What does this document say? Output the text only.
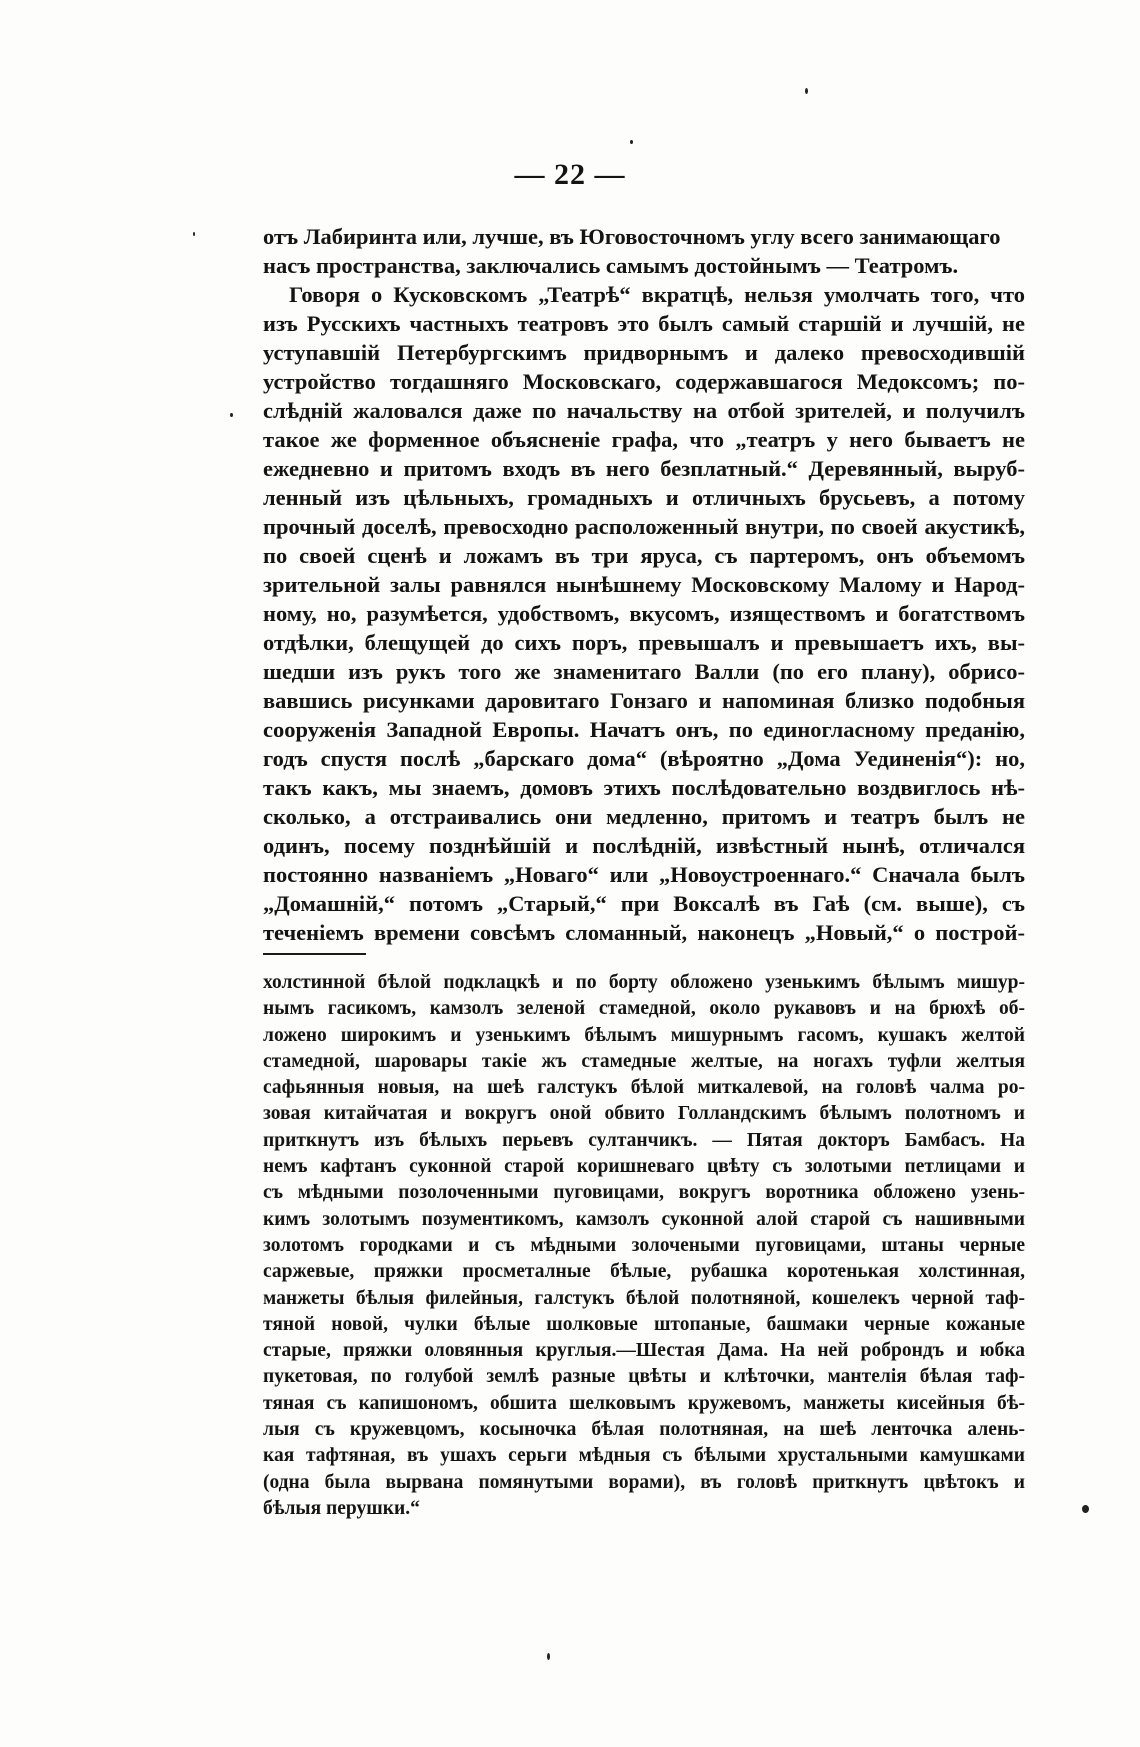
— 22 —
отъ Лабиринта или, лучше, въ Юговосточномъ углу всего занимающаго
насъ пространства, заключались самымъ достойнымъ — Театромъ.
Говоря о Кусковскомъ „Театрѣ“ вкратцѣ, нельзя умолчать того, что
изъ Русскихъ частныхъ театровъ это былъ самый старшій и лучшій, не
уступавшій Петербургскимъ придворнымъ и далеко превосходившій
устройство тогдашняго Московскаго, содержавшагося Медоксомъ; по-
слѣдній жаловался даже по начальству на отбой зрителей, и получилъ
такое же форменное объясненіе графа, что „театръ у него бываетъ не
ежедневно и притомъ входъ въ него безплатный.“ Деревянный, выруб-
ленный изъ цѣльныхъ, громадныхъ и отличныхъ брусьевъ, а потому
прочный доселѣ, превосходно расположенный внутри, по своей акустикѣ,
по своей сценѣ и ложамъ въ три яруса, съ партеромъ, онъ объемомъ
зрительной залы равнялся нынѣшнему Московскому Малому и Народ-
ному, но, разумѣется, удобствомъ, вкусомъ, изяществомъ и богатствомъ
отдѣлки, блещущей до сихъ поръ, превышалъ и превышаетъ ихъ, вы-
шедши изъ рукъ того же знаменитаго Валли (по его плану), обрисо-
вавшись рисунками даровитаго Гонзаго и напоминая близко подобныя
сооруженія Западной Европы. Начатъ онъ, по единогласному преданію,
годъ спустя послѣ „барскаго дома“ (вѣроятно „Дома Уединенія“): но,
такъ какъ, мы знаемъ, домовъ этихъ послѣдовательно воздвиглось нѣ-
сколько, а отстраивались они медленно, притомъ и театръ былъ не
одинъ, посему позднѣйшій и послѣдній, извѣстный нынѣ, отличался
постоянно названіемъ „Новаго“ или „Новоустроеннаго.“ Сначала былъ
„Домашній,“ потомъ „Старый,“ при Воксалѣ въ Гаѣ (см. выше), съ
теченіемъ времени совсѣмъ сломанный, наконецъ „Новый,“ о построй-
холстинной бѣлой подклацкѣ и по борту обложено узенькимъ бѣлымъ мишур-
нымъ гасикомъ, камзолъ зеленой стамедной, около рукавовъ и на брюхѣ об-
ложено широкимъ и узенькимъ бѣлымъ мишурнымъ гасомъ, кушакъ желтой
стамедной, шаровары такіе жъ стамедные желтые, на ногахъ туфли желтыя
сафьянныя новыя, на шеѣ галстукъ бѣлой миткалевой, на головѣ чалма ро-
зовая китайчатая и вокругъ оной обвито Голландскимъ бѣлымъ полотномъ и
приткнутъ изъ бѣлыхъ перьевъ султанчикъ. — Пятая докторъ Бамбасъ. На
немъ кафтанъ суконной старой коришневаго цвѣту съ золотыми петлицами и
съ мѣдными позолоченными пуговицами, вокругъ воротника обложено узень-
кимъ золотымъ позументикомъ, камзолъ суконной алой старой съ нашивными
золотомъ городками и съ мѣдными золочеными пуговицами, штаны черные
саржевые, пряжки просметалные бѣлые, рубашка коротенькая холстинная,
манжеты бѣлыя филейныя, галстукъ бѣлой полотняной, кошелекъ черной таф-
тяной новой, чулки бѣлые шолковые штопаные, башмаки черные кожаные
старые, пряжки оловянныя круглыя.—Шестая Дама. На ней роброндъ и юбка
пукетовая, по голубой землѣ разные цвѣты и клѣточки, мантелія бѣлая таф-
тяная съ капишономъ, обшита шелковымъ кружевомъ, манжеты кисейныя бѣ-
лыя съ кружевцомъ, косыночка бѣлая полотняная, на шеѣ ленточка алень-
кая тафтяная, въ ушахъ серьги мѣдныя съ бѣлыми хрустальными камушками
(одна была вырвана помянутыми ворами), въ головѣ приткнутъ цвѣтокъ и
бѣлыя перушки.“
